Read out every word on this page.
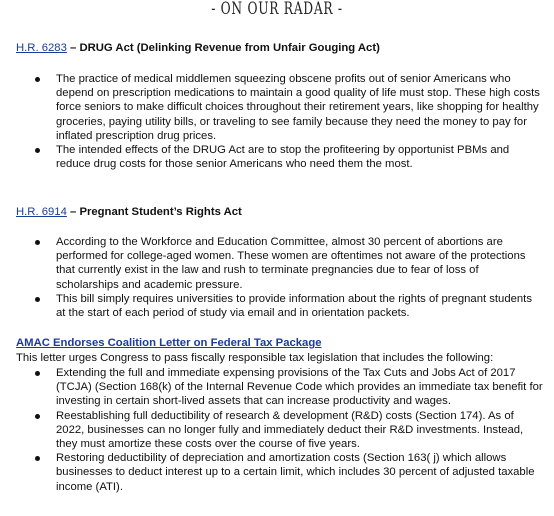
- ON OUR RADAR -
H.R. 6283 – DRUG Act (Delinking Revenue from Unfair Gouging Act)
The practice of medical middlemen squeezing obscene profits out of senior Americans who depend on prescription medications to maintain a good quality of life must stop. These high costs force seniors to make difficult choices throughout their retirement years, like shopping for healthy groceries, paying utility bills, or traveling to see family because they need the money to pay for inflated prescription drug prices.
The intended effects of the DRUG Act are to stop the profiteering by opportunist PBMs and reduce drug costs for those senior Americans who need them the most.
H.R. 6914 – Pregnant Student’s Rights Act
According to the Workforce and Education Committee, almost 30 percent of abortions are performed for college-aged women. These women are oftentimes not aware of the protections that currently exist in the law and rush to terminate pregnancies due to fear of loss of scholarships and academic pressure.
This bill simply requires universities to provide information about the rights of pregnant students at the start of each period of study via email and in orientation packets.
AMAC Endorses Coalition Letter on Federal Tax Package
This letter urges Congress to pass fiscally responsible tax legislation that includes the following:
Extending the full and immediate expensing provisions of the Tax Cuts and Jobs Act of 2017 (TCJA) (Section 168(k) of the Internal Revenue Code which provides an immediate tax benefit for investing in certain short-lived assets that can increase productivity and wages.
Reestablishing full deductibility of research & development (R&D) costs (Section 174). As of 2022, businesses can no longer fully and immediately deduct their R&D investments. Instead, they must amortize these costs over the course of five years.
Restoring deductibility of depreciation and amortization costs (Section 163( j) which allows businesses to deduct interest up to a certain limit, which includes 30 percent of adjusted taxable income (ATI).
